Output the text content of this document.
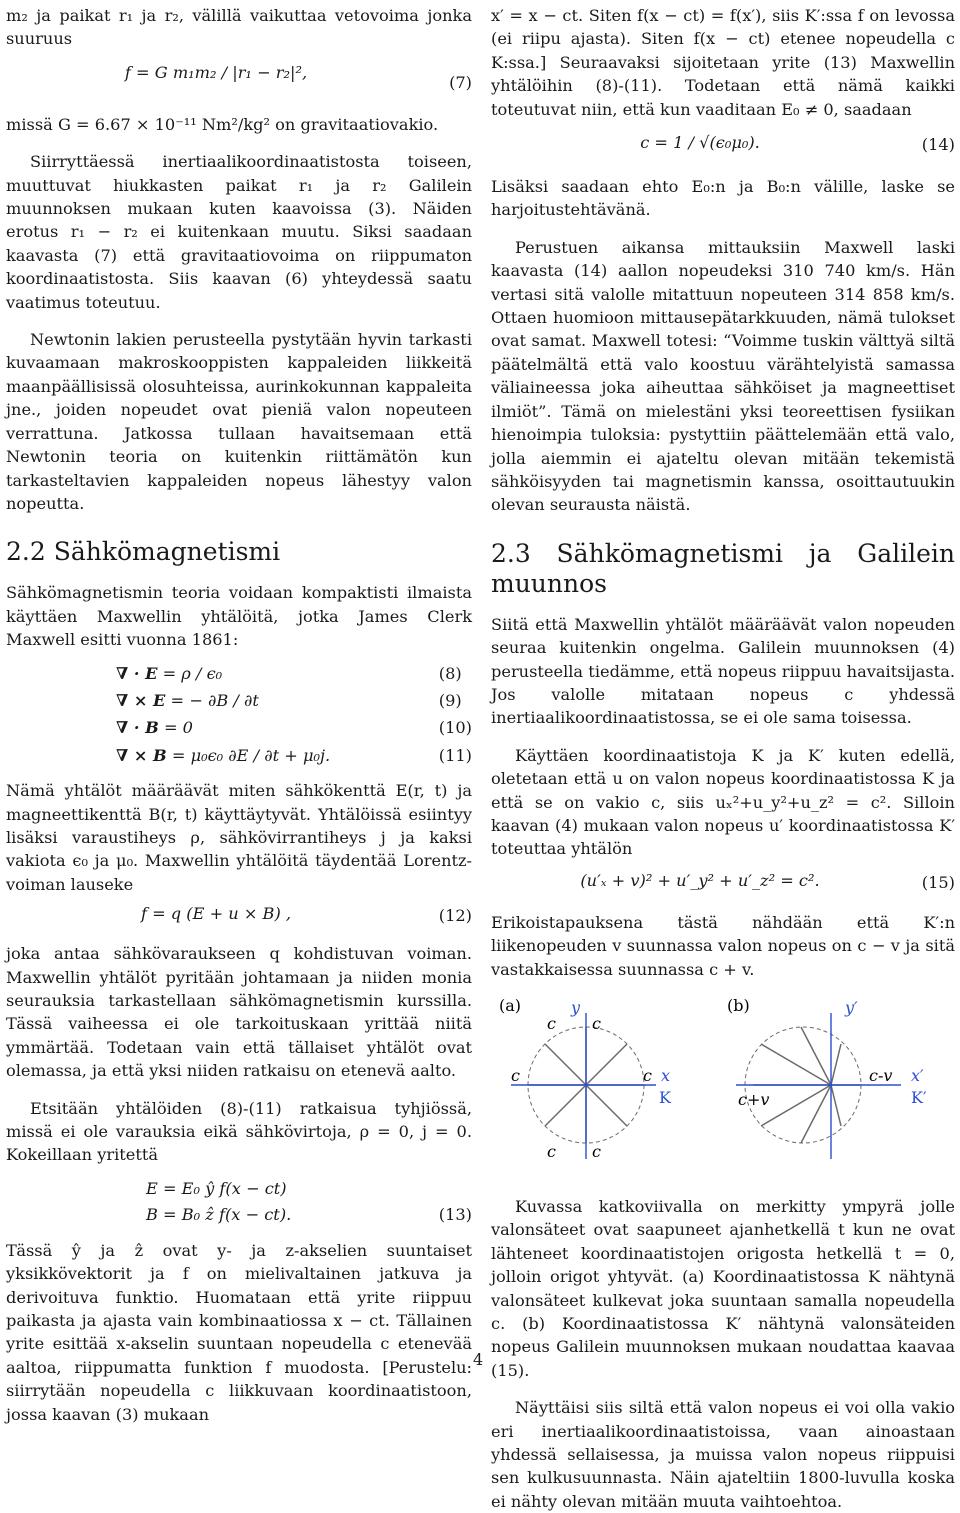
m₂ ja paikat r₁ ja r₂, välillä vaikuttaa vetovoima jonka suuruus

f = G m₁m₂ / |r₁ − r₂|²,
(7)

missä G = 6.67 × 10⁻¹¹ Nm²/kg² on gravitaatiovakio.

Siirryttäessä inertiaalikoordinaatistosta toiseen, muuttuvat hiukkasten paikat r₁ ja r₂ Galilein muunnoksen mukaan kuten kaavoissa (3). Näiden erotus r₁ − r₂ ei kuitenkaan muutu. Siksi saadaan kaavasta (7) että gravitaatiovoima on riippumaton koordinaatistosta. Siis kaavan (6) yhteydessä saatu vaatimus toteutuu.

Newtonin lakien perusteella pystytään hyvin tarkasti kuvaamaan makroskooppisten kappaleiden liikkeitä maanpäällisissä olosuhteissa, aurinkokunnan kappaleita jne., joiden nopeudet ovat pieniä valon nopeuteen verrattuna. Jatkossa tullaan havaitsemaan että Newtonin teoria on kuitenkin riittämätön kun tarkasteltavien kappaleiden nopeus lähestyy valon nopeutta.

2.2 Sähkömagnetismi

Sähkömagnetismin teoria voidaan kompaktisti ilmaista käyttäen Maxwellin yhtälöitä, jotka James Clerk Maxwell esitti vuonna 1861:

∇ · E = ρ / ϵ₀	(8)
∇ × E = − ∂B / ∂t	(9)
∇ · B = 0	(10)
∇ × B = μ₀ϵ₀ ∂E / ∂t + μ₀j.	(11)

Nämä yhtälöt määräävät miten sähkökenttä E(r, t) ja magneettikenttä B(r, t) käyttäytyvät. Yhtälöissä esiintyy lisäksi varaustiheys ρ, sähkövirrantiheys j ja kaksi vakiota ϵ₀ ja μ₀. Maxwellin yhtälöitä täydentää Lorentz-voiman lauseke

f = q (E + u × B) ,	(12)

joka antaa sähkövaraukseen q kohdistuvan voiman. Maxwellin yhtälöt pyritään johtamaan ja niiden monia seurauksia tarkastellaan sähkömagnetismin kurssilla. Tässä vaiheessa ei ole tarkoituskaan yrittää niitä ymmärtää. Todetaan vain että tällaiset yhtälöt ovat olemassa, ja että yksi niiden ratkaisu on etenevä aalto.

Etsitään yhtälöiden (8)-(11) ratkaisua tyhjiössä, missä ei ole varauksia eikä sähkövirtoja, ρ = 0, j = 0. Kokeillaan yritettä

E = E₀ ŷ f(x − ct)
B = B₀ ẑ f(x − ct).	(13)

Tässä ŷ ja ẑ ovat y- ja z-akselien suuntaiset yksikkövektorit ja f on mielivaltainen jatkuva ja derivoituva funktio. Huomataan että yrite riippuu paikasta ja ajasta vain kombinaatiossa x − ct. Tällainen yrite esittää x-akselin suuntaan nopeudella c etenevää aaltoa, riippumatta funktion f muodosta. [Perustelu: siirrytään nopeudella c liikkuvaan koordinaatistoon, jossa kaavan (3) mukaan

x′ = x − ct. Siten f(x − ct) = f(x′), siis K′:ssa f on levossa (ei riipu ajasta). Siten f(x − ct) etenee nopeudella c K:ssa.] Seuraavaksi sijoitetaan yrite (13) Maxwellin yhtälöihin (8)-(11). Todetaan että nämä kaikki toteutuvat niin, että kun vaaditaan E₀ ≠ 0, saadaan

c = 1 / √(ϵ₀μ₀).	(14)

Lisäksi saadaan ehto E₀:n ja B₀:n välille, laske se harjoitustehtävänä.

Perustuen aikansa mittauksiin Maxwell laski kaavasta (14) aallon nopeudeksi 310 740 km/s. Hän vertasi sitä valolle mitattuun nopeuteen 314 858 km/s. Ottaen huomioon mittausepätarkkuuden, nämä tulokset ovat samat. Maxwell totesi: “Voimme tuskin välttyä siltä päätelmältä että valo koostuu värähtelyistä samassa väliaineessa joka aiheuttaa sähköiset ja magneettiset ilmiöt”. Tämä on mielestäni yksi teoreettisen fysiikan hienoimpia tuloksia: pystyttiin päättelemään että valo, jolla aiemmin ei ajateltu olevan mitään tekemistä sähköisyyden tai magnetismin kanssa, osoittautuukin olevan seurausta näistä.

2.3 Sähkömagnetismi ja Galilein muunnos

Siitä että Maxwellin yhtälöt määräävät valon nopeuden seuraa kuitenkin ongelma. Galilein muunnoksen (4) perusteella tiedämme, että nopeus riippuu havaitsijasta. Jos valolle mitataan nopeus c yhdessä inertiaalikoordinaatistossa, se ei ole sama toisessa.

Käyttäen koordinaatistoja K ja K′ kuten edellä, oletetaan että u on valon nopeus koordinaatistossa K ja että se on vakio c, siis uₓ²+u_y²+u_z² = c². Silloin kaavan (4) mukaan valon nopeus u′ koordinaatistossa K′ toteuttaa yhtälön

(u′ₓ + v)² + u′_y² + u′_z² = c².	(15)

Erikoistapauksena tästä nähdään että K′:n liikenopeuden v suunnassa valon nopeus on c − v ja sitä vastakkaisessa suunnassa c + v.

(a)	y
x
K
c c
c	c
c c
(b)	y′
x′
K′
c+v
c-v

Kuvassa katkoviivalla on merkitty ympyrä jolle valonsäteet ovat saapuneet ajanhetkellä t kun ne ovat lähteneet koordinaatistojen origosta hetkellä t = 0, jolloin origot yhtyvät. (a) Koordinaatistossa K nähtynä valonsäteet kulkevat joka suuntaan samalla nopeudella c. (b) Koordinaatistossa K′ nähtynä valonsäteiden nopeus Galilein muunnoksen mukaan noudattaa kaavaa (15).

Näyttäisi siis siltä että valon nopeus ei voi olla vakio eri inertiaalikoordinaatistoissa, vaan ainoastaan yhdessä sellaisessa, ja muissa valon nopeus riippuisi sen kulkusuunnasta. Näin ajateltiin 1800-luvulla koska ei nähty olevan mitään muuta vaihtoehtoa.

4
